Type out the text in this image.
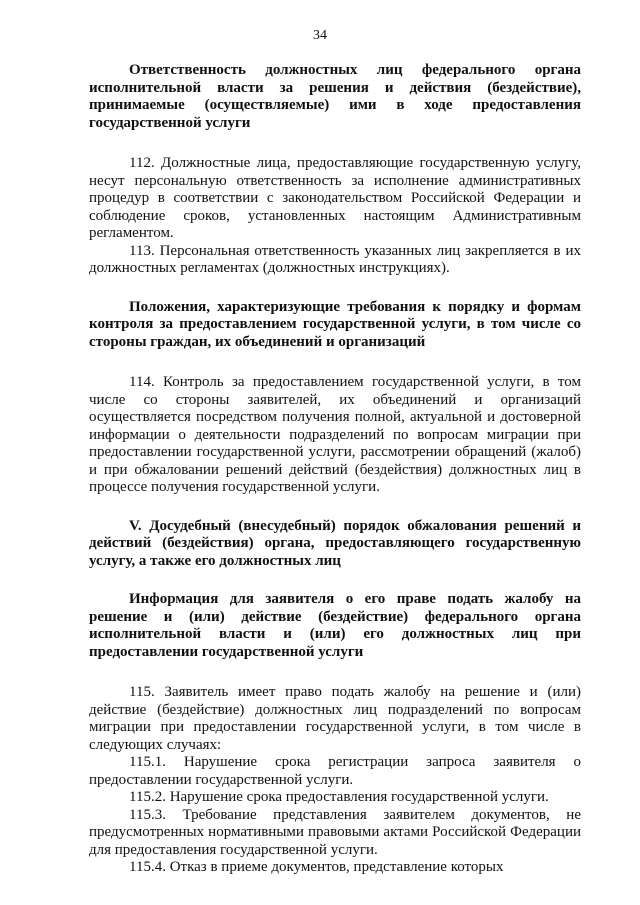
34

Ответственность должностных лиц федерального органа исполнительной власти за решения и действия (бездействие), принимаемые (осуществляемые) ими в ходе предоставления государственной услуги

112. Должностные лица, предоставляющие государственную услугу, несут персональную ответственность за исполнение административных процедур в соответствии с законодательством Российской Федерации и соблюдение сроков, установленных настоящим Административным регламентом.

113. Персональная ответственность указанных лиц закрепляется в их должностных регламентах (должностных инструкциях).

Положения, характеризующие требования к порядку и формам контроля за предоставлением государственной услуги, в том числе со стороны граждан, их объединений и организаций

114. Контроль за предоставлением государственной услуги, в том числе со стороны заявителей, их объединений и организаций осуществляется посредством получения полной, актуальной и достоверной информации о деятельности подразделений по вопросам миграции при предоставлении государственной услуги, рассмотрении обращений (жалоб) и при обжаловании решений действий (бездействия) должностных лиц в процессе получения государственной услуги.

V. Досудебный (внесудебный) порядок обжалования решений и действий (бездействия) органа, предоставляющего государственную услугу, а также его должностных лиц

Информация для заявителя о его праве подать жалобу на решение и (или) действие (бездействие) федерального органа исполнительной власти и (или) его должностных лиц при предоставлении государственной услуги

115. Заявитель имеет право подать жалобу на решение и (или) действие (бездействие) должностных лиц подразделений по вопросам миграции при предоставлении государственной услуги, в том числе в следующих случаях:

115.1. Нарушение срока регистрации запроса заявителя о предоставлении государственной услуги.

115.2. Нарушение срока предоставления государственной услуги.

115.3. Требование представления заявителем документов, не предусмотренных нормативными правовыми актами Российской Федерации для предоставления государственной услуги.

115.4. Отказ в приеме документов, представление которых
